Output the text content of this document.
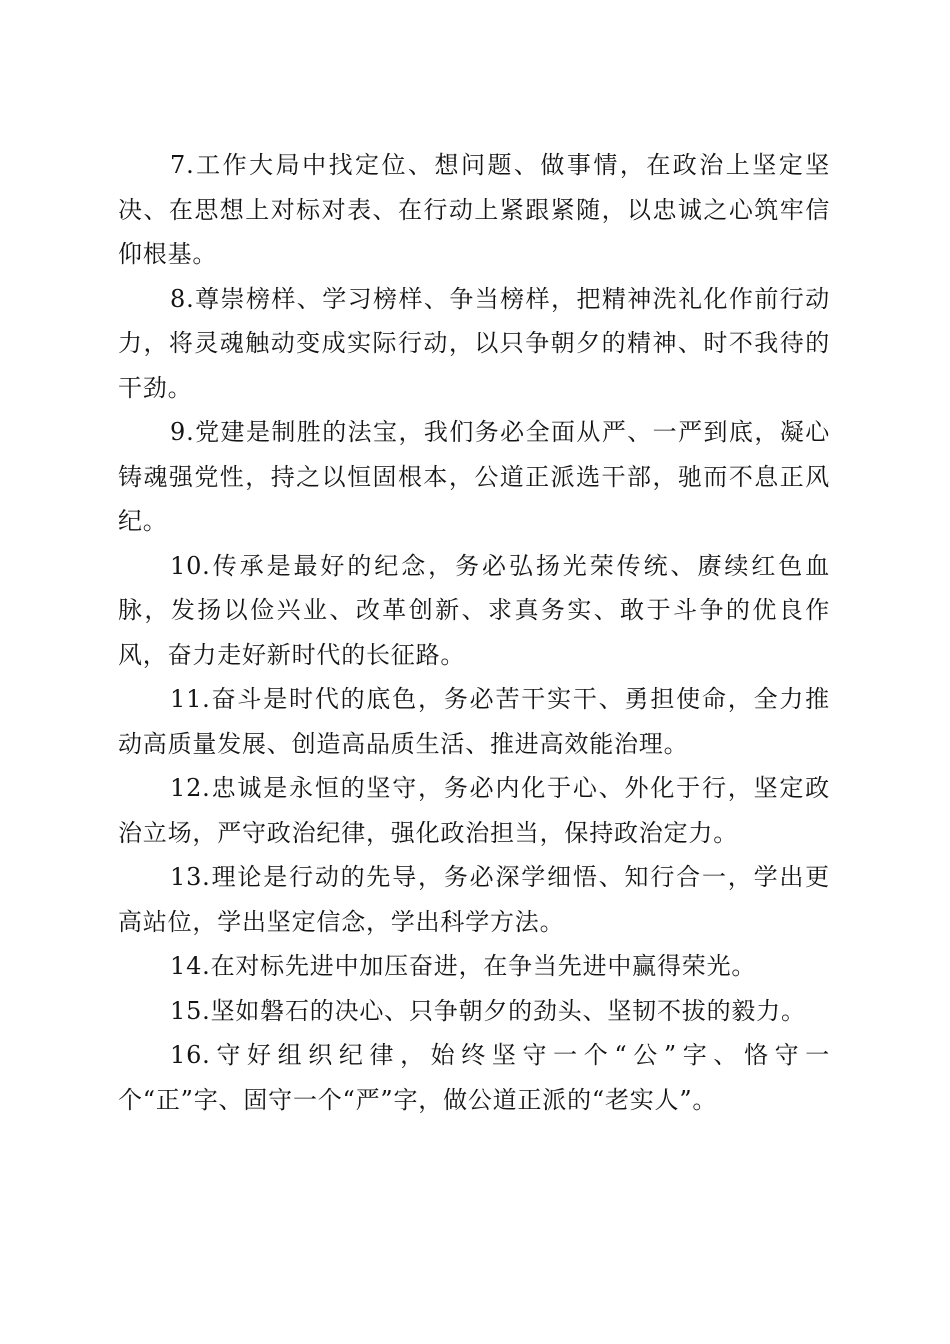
7.工作大局中找定位、想问题、做事情，在政治上坚定坚决、在思想上对标对表、在行动上紧跟紧随，以忠诚之心筑牢信仰根基。

8.尊崇榜样、学习榜样、争当榜样，把精神洗礼化作前行动力，将灵魂触动变成实际行动，以只争朝夕的精神、时不我待的干劲。

9.党建是制胜的法宝，我们务必全面从严、一严到底，凝心铸魂强党性，持之以恒固根本，公道正派选干部，驰而不息正风纪。

10.传承是最好的纪念，务必弘扬光荣传统、赓续红色血脉，发扬以俭兴业、改革创新、求真务实、敢于斗争的优良作风，奋力走好新时代的长征路。

11.奋斗是时代的底色，务必苦干实干、勇担使命，全力推动高质量发展、创造高品质生活、推进高效能治理。

12.忠诚是永恒的坚守，务必内化于心、外化于行，坚定政治立场，严守政治纪律，强化政治担当，保持政治定力。

13.理论是行动的先导，务必深学细悟、知行合一，学出更高站位，学出坚定信念，学出科学方法。

14.在对标先进中加压奋进，在争当先进中赢得荣光。

15.坚如磐石的决心、只争朝夕的劲头、坚韧不拔的毅力。

16.守好组织纪律，始终坚守一个“公”字、恪守一个“正”字、固守一个“严”字，做公道正派的“老实人”。
